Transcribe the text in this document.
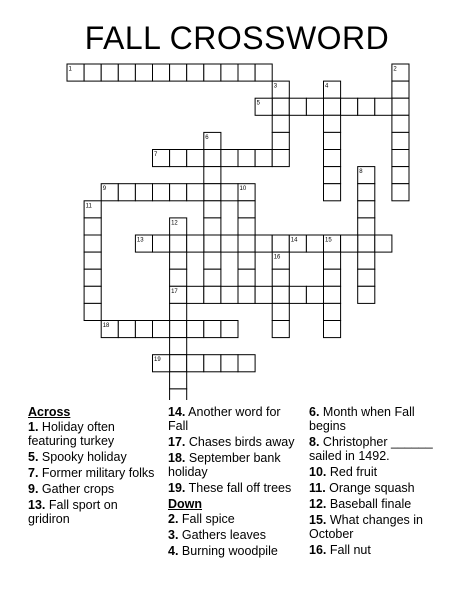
FALL CROSSWORD
1	2
3	4
5
6
7
8
9	10
11
12
13	14	15
16
17
18
19
Across
1. Holiday often featuring turkey
5. Spooky holiday
7. Former military folks
9. Gather crops
13. Fall sport on gridiron
14. Another word for Fall
17. Chases birds away
18. September bank holiday
19. These fall off trees
Down
2. Fall spice
3. Gathers leaves
4. Burning woodpile
6. Month when Fall begins
8. Christopher ______ sailed in 1492.
10. Red fruit
11. Orange squash
12. Baseball finale
15. What changes in October
16. Fall nut
